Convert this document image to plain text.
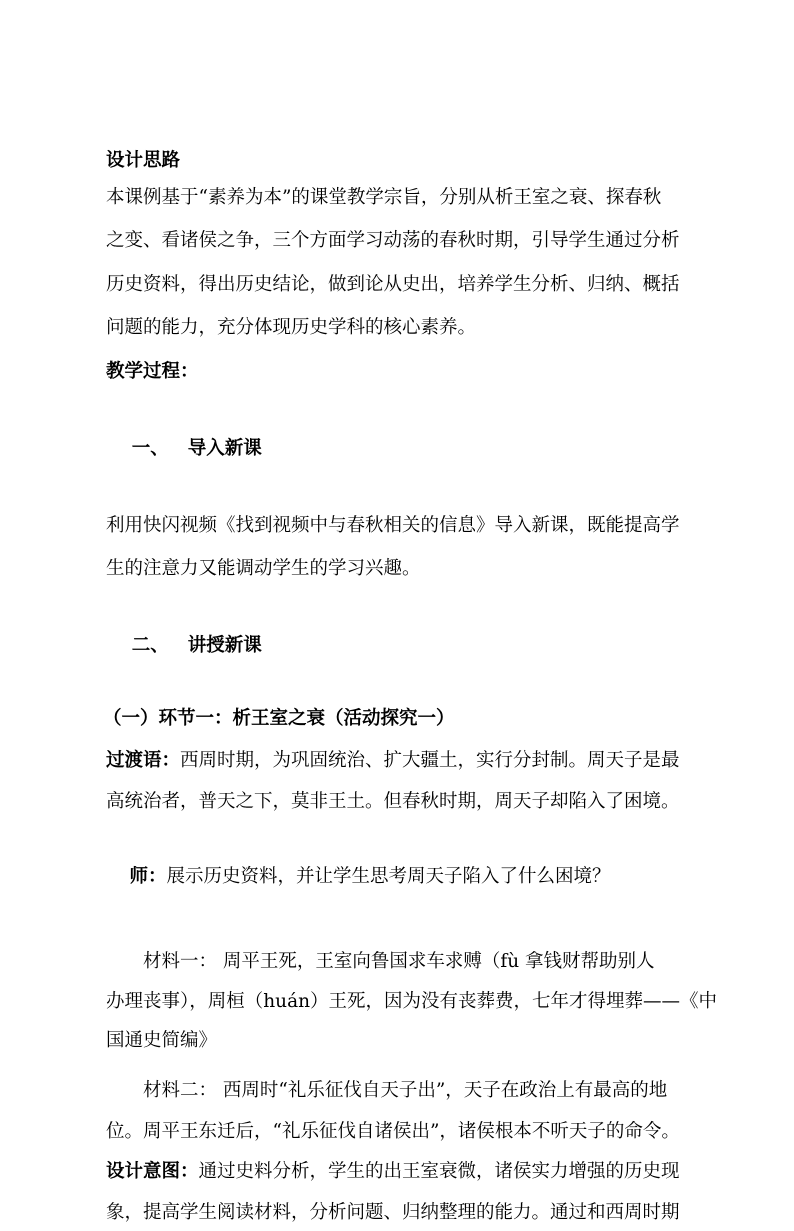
设计思路

本课例基于“素养为本”的课堂教学宗旨，分别从析王室之衰、探春秋
之变、看诸侯之争，三个方面学习动荡的春秋时期，引导学生通过分析
历史资料，得出历史结论，做到论从史出，培养学生分析、归纳、概括
问题的能力，充分体现历史学科的核心素养。

教学过程：

一、 导入新课

利用快闪视频《找到视频中与春秋相关的信息》导入新课，既能提高学
生的注意力又能调动学生的学习兴趣。

二、 讲授新课

（一）环节一：析王室之衰（活动探究一）

过渡语：西周时期，为巩固统治、扩大疆土，实行分封制。周天子是最
高统治者，普天之下，莫非王土。但春秋时期，周天子却陷入了困境。

师：展示历史资料，并让学生思考周天子陷入了什么困境？

材料一： 周平王死，王室向鲁国求车求赙（fù 拿钱财帮助别人
办理丧事），周桓（huán）王死，因为没有丧葬费，七年才得埋葬——《中
国通史简编》
材料二： 西周时“礼乐征伐自天子出”，天子在政治上有最高的地
位。周平王东迁后，“礼乐征伐自诸侯出”，诸侯根本不听天子的命令。
设计意图：通过史料分析，学生的出王室衰微，诸侯实力增强的历史现
象，提高学生阅读材料，分析问题、归纳整理的能力。通过和西周时期
